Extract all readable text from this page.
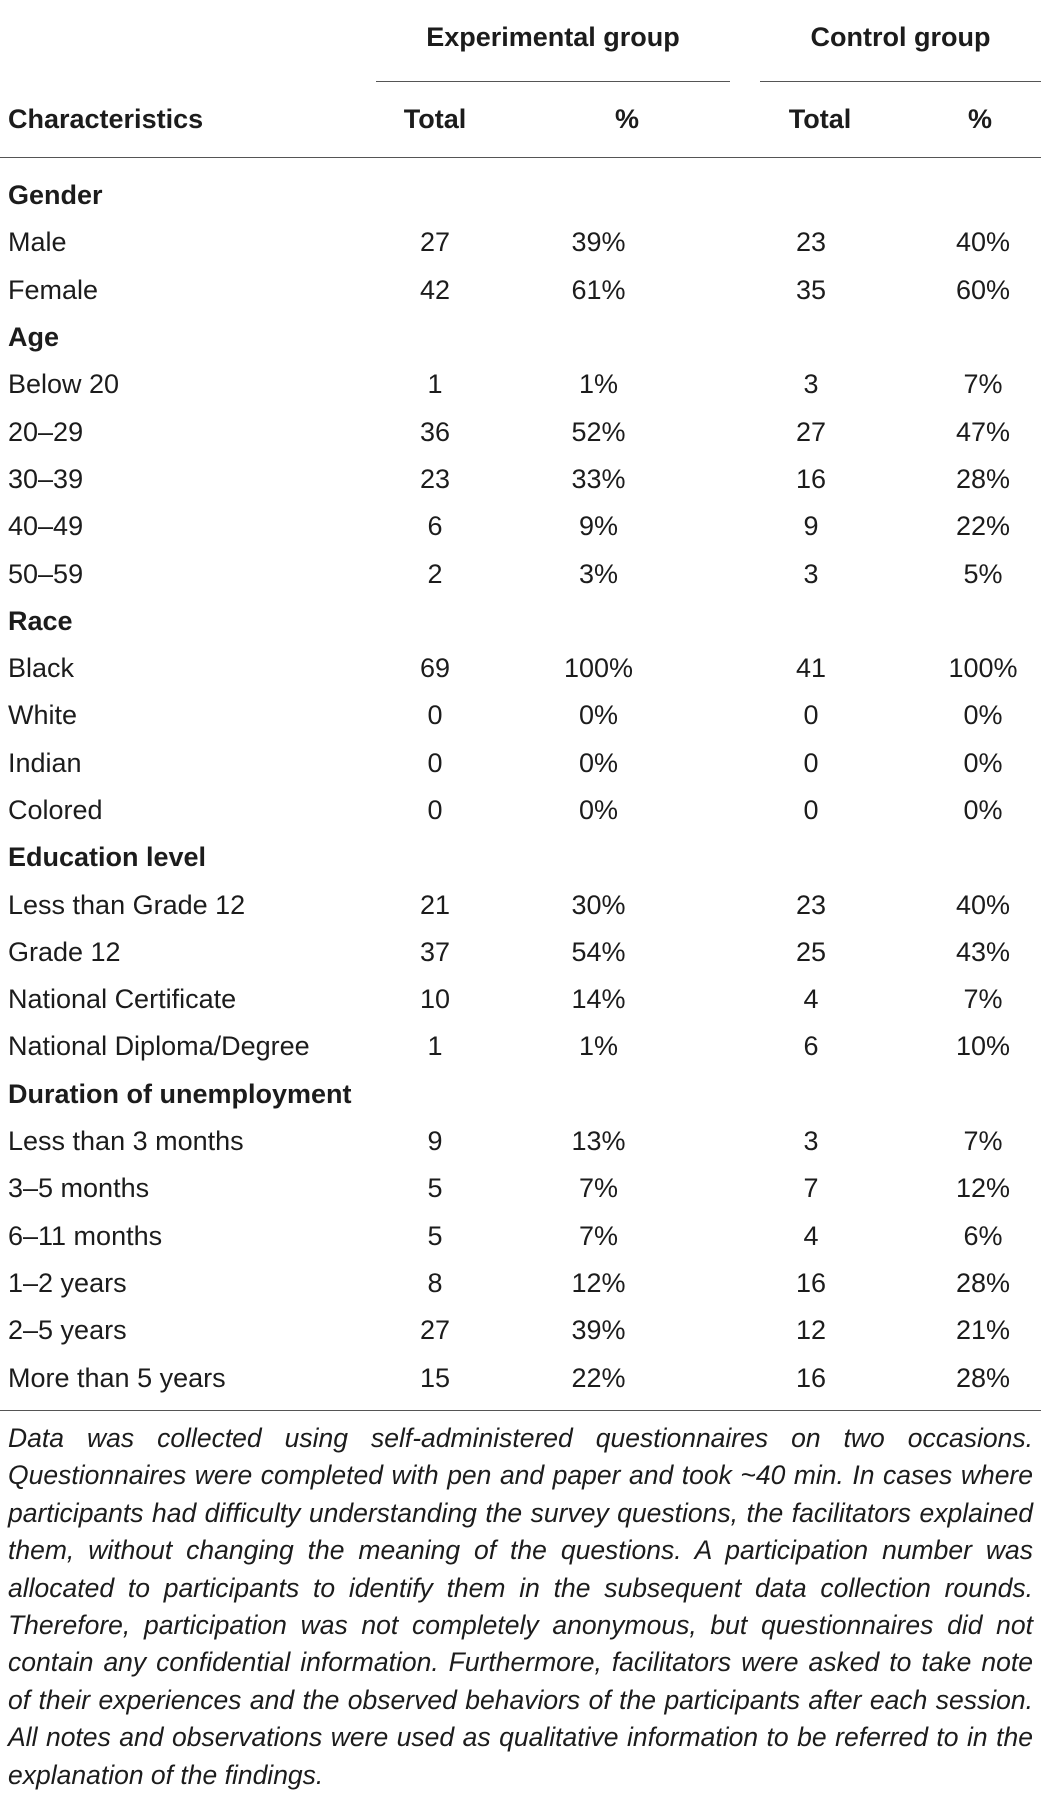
Experimental group	Control group
Characteristics	Total	%	Total	%
Gender				
Male	27	39%	23	40%
Female	42	61%	35	60%
Age				
Below 20	1	1%	3	7%
20–29	36	52%	27	47%
30–39	23	33%	16	28%
40–49	6	9%	9	22%
50–59	2	3%	3	5%
Race				
Black	69	100%	41	100%
White	0	0%	0	0%
Indian	0	0%	0	0%
Colored	0	0%	0	0%
Education level				
Less than Grade 12	21	30%	23	40%
Grade 12	37	54%	25	43%
National Certificate	10	14%	4	7%
National Diploma/Degree	1	1%	6	10%
Duration of unemployment				
Less than 3 months	9	13%	3	7%
3–5 months	5	7%	7	12%
6–11 months	5	7%	4	6%
1–2 years	8	12%	16	28%
2–5 years	27	39%	12	21%
More than 5 years	15	22%	16	28%
Data was collected using self-administered questionnaires on two occasions. Questionnaires were completed with pen and paper and took ~40 min. In cases where participants had difficulty understanding the survey questions, the facilitators explained them, without changing the meaning of the questions. A participation number was allocated to participants to identify them in the subsequent data collection rounds. Therefore, participation was not completely anonymous, but questionnaires did not contain any confidential information. Furthermore, facilitators were asked to take note of their experiences and the observed behaviors of the participants after each session. All notes and observations were used as qualitative information to be referred to in the explanation of the findings.
